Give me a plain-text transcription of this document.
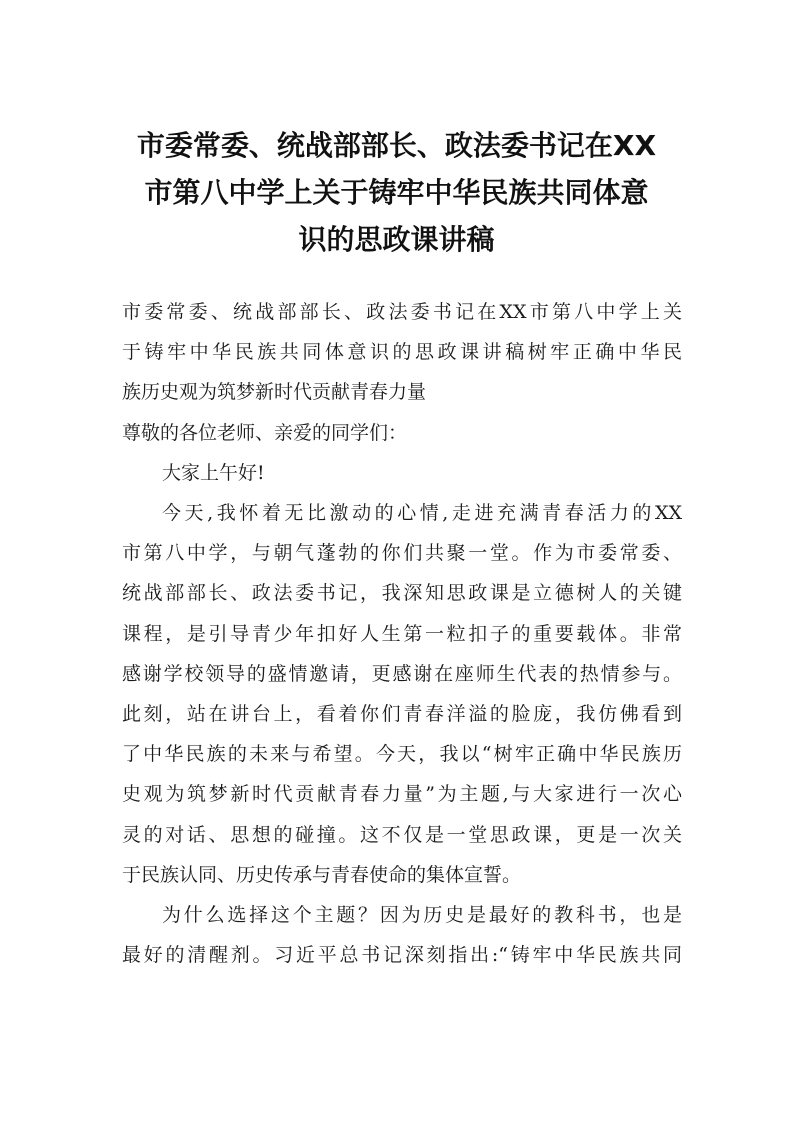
市委常委、统战部部长、政法委书记在XX
市第八中学上关于铸牢中华民族共同体意
识的思政课讲稿

市委常委、统战部部长、政法委书记在XX市第八中学上关
于铸牢中华民族共同体意识的思政课讲稿树牢正确中华民
族历史观为筑梦新时代贡献青春力量

尊敬的各位老师、亲爱的同学们：

大家上午好!

今天,我怀着无比激动的心情,走进充满青春活力的XX
市第八中学，与朝气蓬勃的你们共聚一堂。作为市委常委、
统战部部长、政法委书记，我深知思政课是立德树人的关键
课程，是引导青少年扣好人生第一粒扣子的重要载体。非常
感谢学校领导的盛情邀请，更感谢在座师生代表的热情参与。
此刻，站在讲台上，看着你们青春洋溢的脸庞，我仿佛看到
了中华民族的未来与希望。今天，我以“树牢正确中华民族历
史观为筑梦新时代贡献青春力量”为主题,与大家进行一次心
灵的对话、思想的碰撞。这不仅是一堂思政课，更是一次关
于民族认同、历史传承与青春使命的集体宣誓。

为什么选择这个主题？因为历史是最好的教科书，也是
最好的清醒剂。习近平总书记深刻指出:“铸牢中华民族共同
